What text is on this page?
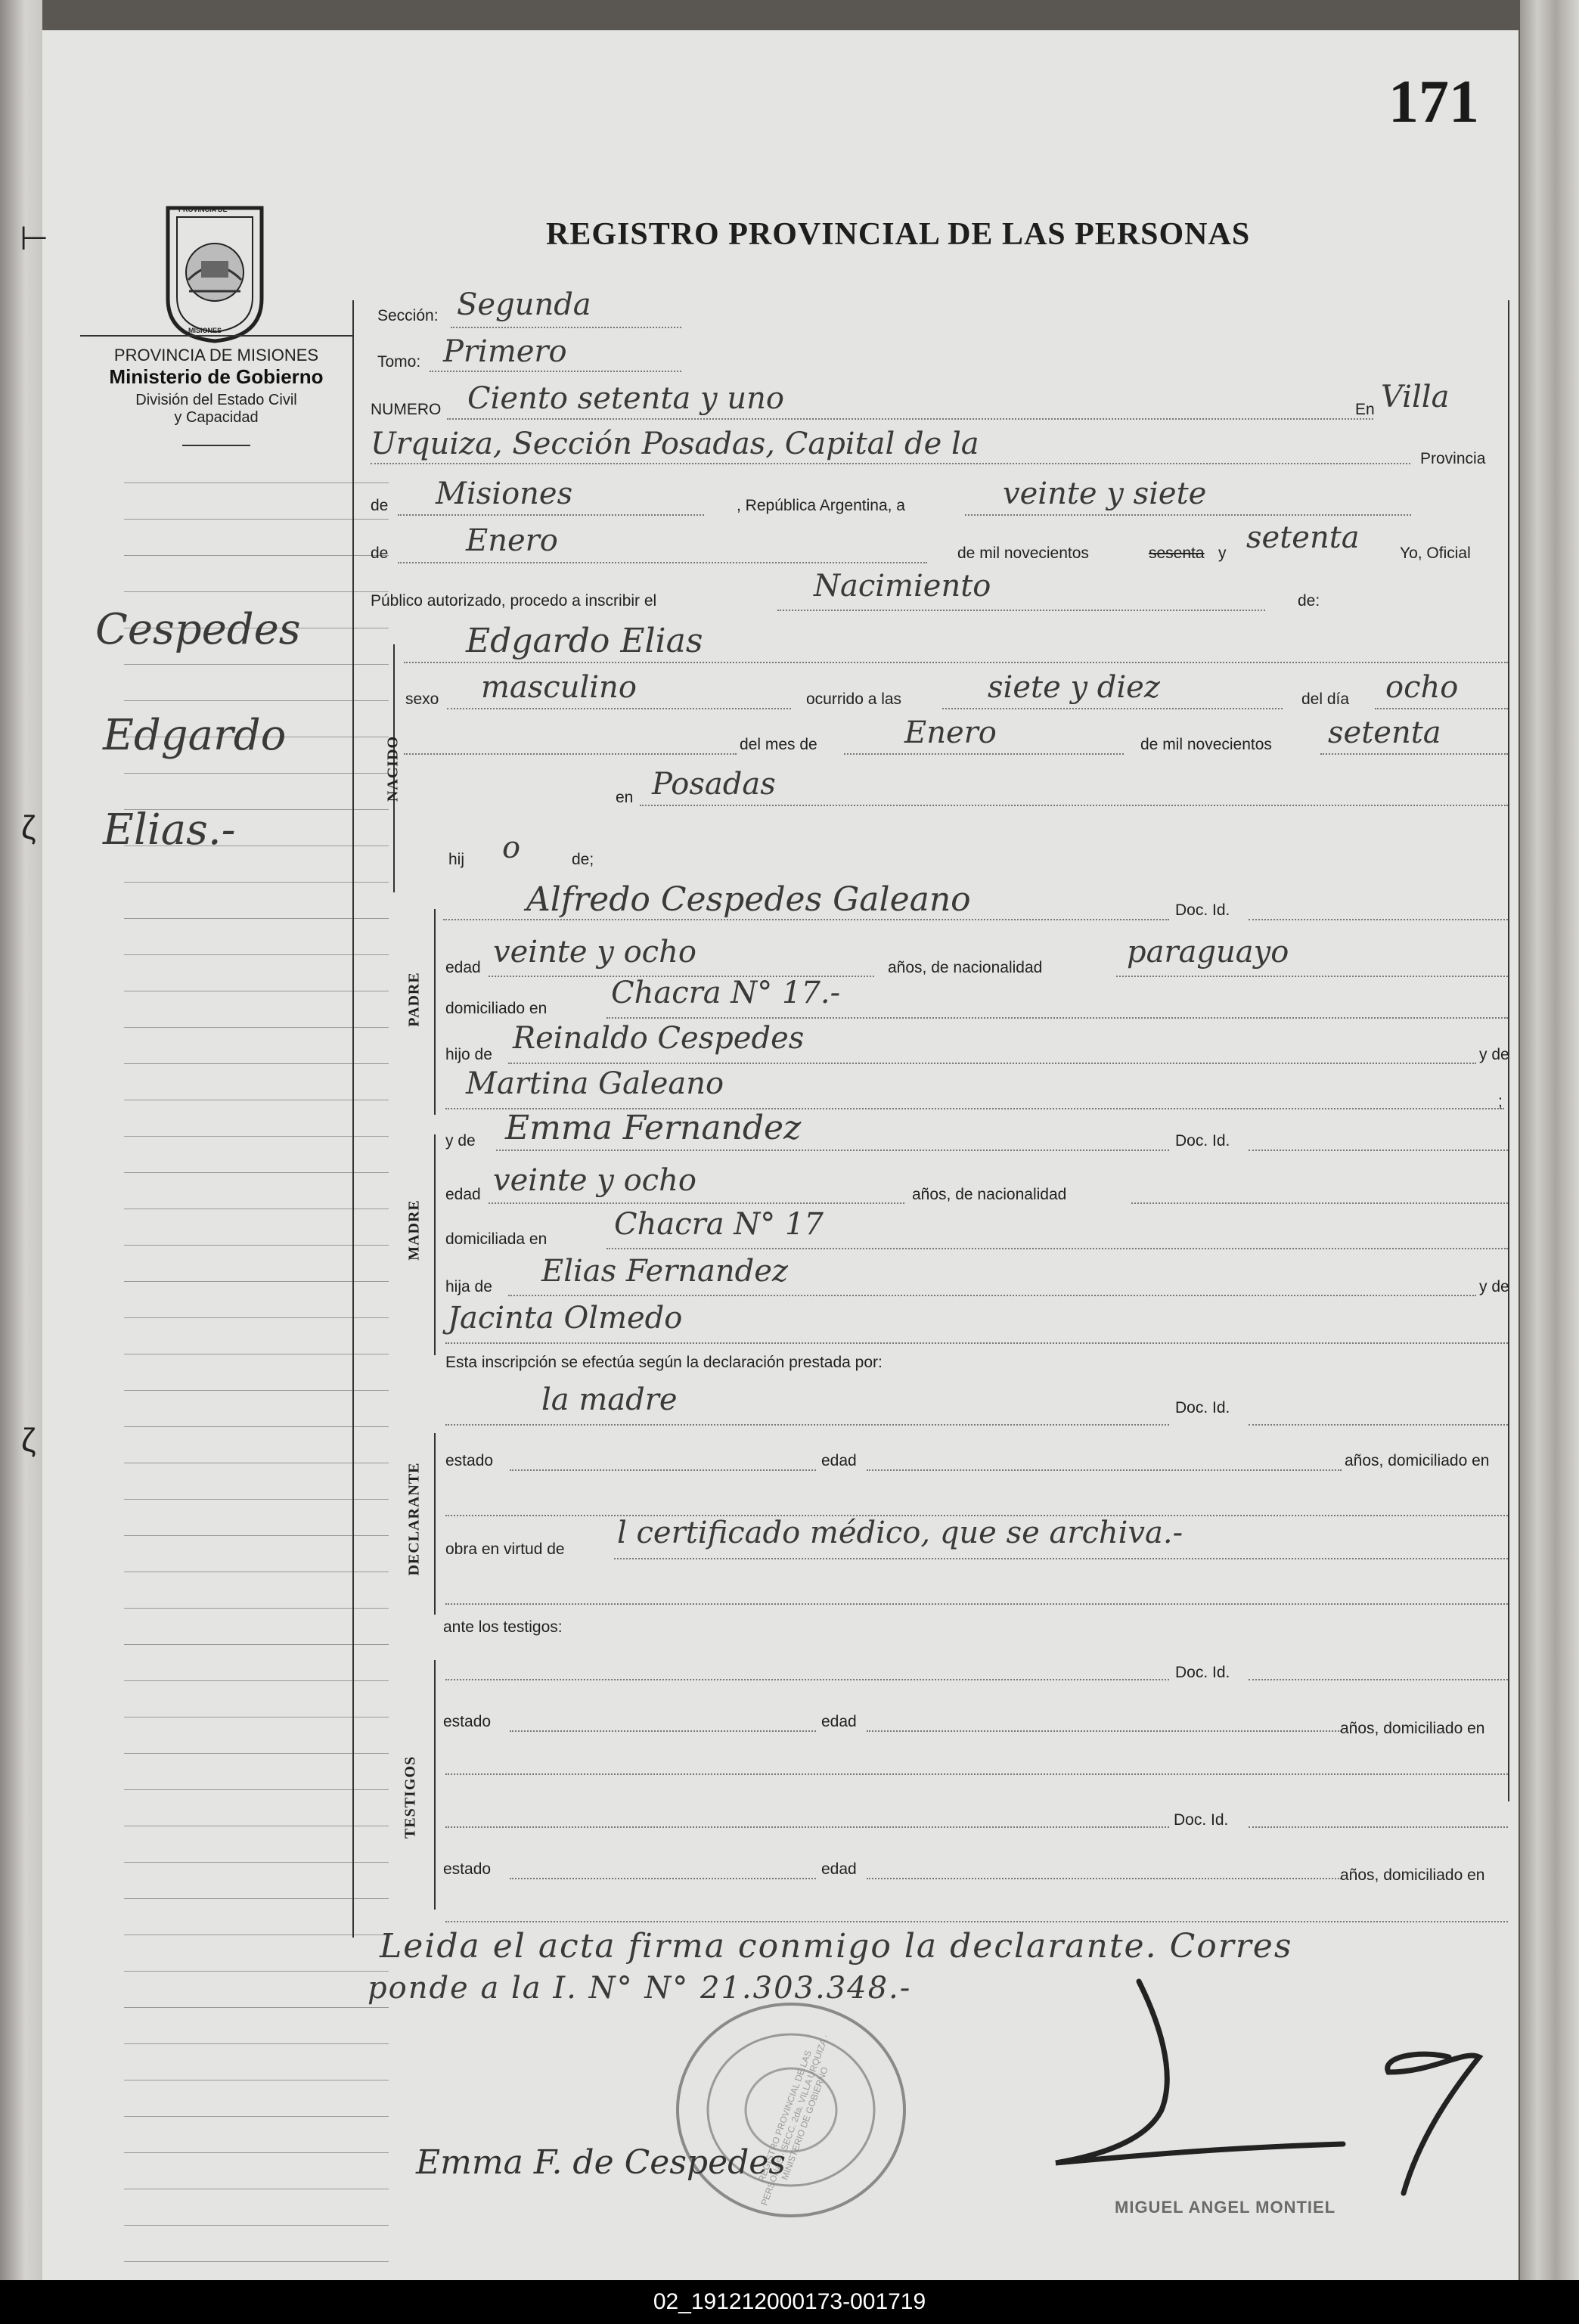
⊢
ζ
ζ
171
REGISTRO PROVINCIAL DE LAS PERSONAS
PROVINCIA DE
MISIONES
PROVINCIA DE MISIONES
Ministerio de Gobierno
División del Estado Civil
y Capacidad
Cespedes
Edgardo
Elias.-
Sección: Segunda
Tomo: Primero
NUMERO Ciento setenta y uno	En Villa
Urquiza, Sección Posadas, Capital de la	Provincia
de Misiones	, República Argentina, a	veinte y siete
de	Enero	de mil novecientos	sesenta y setenta	Yo, Oficial
Público autorizado, procedo a inscribir el	Nacimiento	de:
NACIDO
Edgardo Elias
sexo masculino	ocurrido a las	siete y diez	del día ocho
del mes de	Enero	de mil novecientos setenta
en Posadas
hij o	de;
PADRE
Alfredo Cespedes Galeano	Doc. Id.
edad veinte y ocho	años, de nacionalidad	paraguayo
domiciliado en Chacra N° 17.-
hijo de Reinaldo Cespedes	y de
Martina Galeano
;
MADRE
y de Emma Fernandez	Doc. Id.
edad veinte y ocho	años, de nacionalidad
domiciliada en Chacra N° 17
hija de Elias Fernandez	y de
Jacinta Olmedo
Esta inscripción se efectúa según la declaración prestada por:
la madre	Doc. Id.
DECLARANTE
estado	edad	años, domiciliado en
obra en virtud de l certificado médico, que se archiva.-
ante los testigos:
TESTIGOS
Doc. Id.
estado	edad	años, domiciliado en
Doc. Id.
estado	edad	años, domiciliado en
Leida el acta firma conmigo la declarante. Corres
ponde a la I. N° N° 21.303.348.-
REGISTRO PROVINCIAL DE LAS PERSONAS · SECC. 2da. VILLA URQUIZA · MINISTERIO DE GOBIERNO
Emma F. de Cespedes
MIGUEL ANGEL MONTIEL
02_191212000173-001719
